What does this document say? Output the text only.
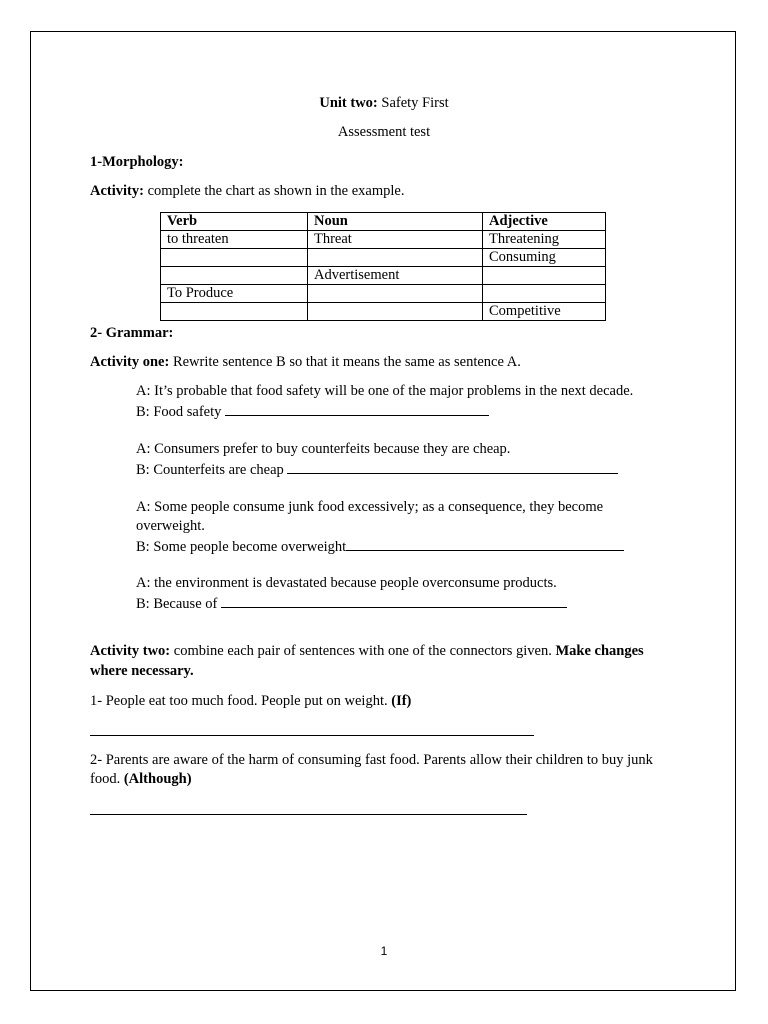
Unit two: Safety First
Assessment test
1-Morphology:
Activity: complete the chart as shown in the example.
Verb	Noun	Adjective
to threaten	Threat	Threatening
		Consuming
	Advertisement	
To Produce		
		Competitive
2- Grammar:
Activity one: Rewrite sentence B so that it means the same as sentence A.
A: It’s probable that food safety will be one of the major problems in the next decade.
B: Food safety
A: Consumers prefer to buy counterfeits because they are cheap.
B: Counterfeits are cheap
A: Some people consume junk food excessively; as a consequence, they become
overweight.
B: Some people become overweight
A: the environment is devastated because people overconsume products.
B: Because of
Activity two: combine each pair of sentences with one of the connectors given. Make changes
where necessary.
1- People eat too much food. People put on weight. (If)
2- Parents are aware of the harm of consuming fast food. Parents allow their children to buy junk
food. (Although)
1
